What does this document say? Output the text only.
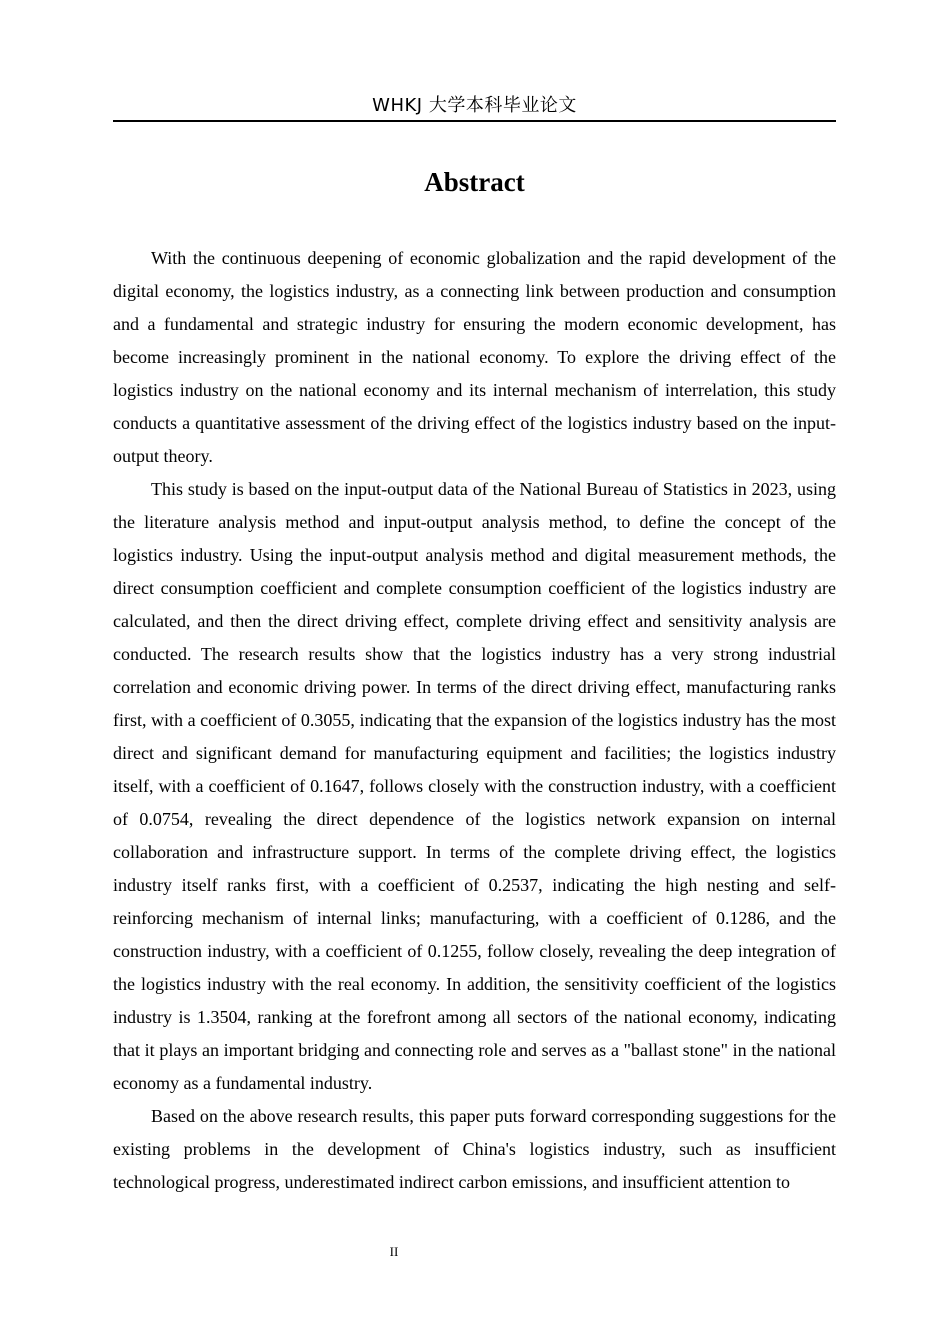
WHKJ 大学本科毕业论文
Abstract

With the continuous deepening of economic globalization and the rapid development of the digital economy, the logistics industry, as a connecting link between production and consumption and a fundamental and strategic industry for ensuring the modern economic development, has become increasingly prominent in the national economy. To explore the driving effect of the logistics industry on the national economy and its internal mechanism of interrelation, this study conducts a quantitative assessment of the driving effect of the logistics industry based on the input-output theory.

This study is based on the input-output data of the National Bureau of Statistics in 2023, using the literature analysis method and input-output analysis method, to define the concept of the logistics industry. Using the input-output analysis method and digital measurement methods, the direct consumption coefficient and complete consumption coefficient of the logistics industry are calculated, and then the direct driving effect, complete driving effect and sensitivity analysis are conducted. The research results show that the logistics industry has a very strong industrial correlation and economic driving power. In terms of the direct driving effect, manufacturing ranks first, with a coefficient of 0.3055, indicating that the expansion of the logistics industry has the most direct and significant demand for manufacturing equipment and facilities; the logistics industry itself, with a coefficient of 0.1647, follows closely with the construction industry, with a coefficient of 0.0754, revealing the direct dependence of the logistics network expansion on internal collaboration and infrastructure support. In terms of the complete driving effect, the logistics industry itself ranks first, with a coefficient of 0.2537, indicating the high nesting and self-reinforcing mechanism of internal links; manufacturing, with a coefficient of 0.1286, and the construction industry, with a coefficient of 0.1255, follow closely, revealing the deep integration of the logistics industry with the real economy. In addition, the sensitivity coefficient of the logistics industry is 1.3504, ranking at the forefront among all sectors of the national economy, indicating that it plays an important bridging and connecting role and serves as a "ballast stone" in the national economy as a fundamental industry.

Based on the above research results, this paper puts forward corresponding suggestions for the existing problems in the development of China's logistics industry, such as insufficient technological progress, underestimated indirect carbon emissions, and insufficient attention to

II
